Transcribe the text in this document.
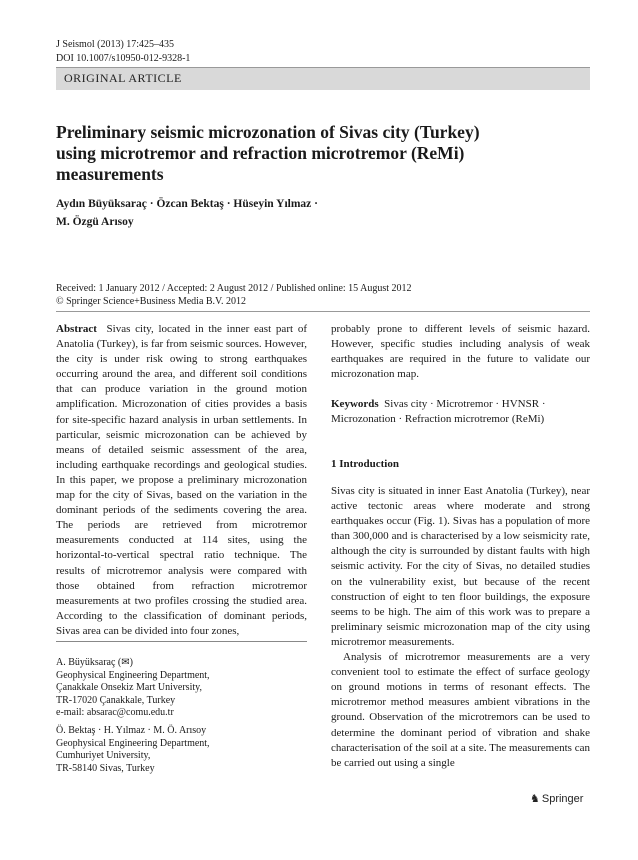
J Seismol (2013) 17:425–435
DOI 10.1007/s10950-012-9328-1
ORIGINAL ARTICLE
Preliminary seismic microzonation of Sivas city (Turkey)
using microtremor and refraction microtremor (ReMi)
measurements
Aydın Büyüksaraç · Özcan Bektaş · Hüseyin Yılmaz ·
M. Özgü Arısoy
Received: 1 January 2012 / Accepted: 2 August 2012 / Published online: 15 August 2012
© Springer Science+Business Media B.V. 2012

Abstract Sivas city, located in the inner east part of Anatolia (Turkey), is far from seismic sources. However, the city is under risk owing to strong earthquakes occurring around the area, and different soil conditions that can produce variation in the ground motion amplification. Microzonation of cities provides a basis for site-specific hazard analysis in urban settlements. In particular, seismic microzonation can be achieved by means of detailed seismic assessment of the area, including earthquake recordings and geological studies. In this paper, we propose a preliminary microzonation map for the city of Sivas, based on the variation in the dominant periods of the sediments covering the area. The periods are retrieved from microtremor measurements conducted at 114 sites, using the horizontal-to-vertical spectral ratio technique. The results of microtremor analysis were compared with those obtained from refraction microtremor measurements at two profiles crossing the studied area. According to the classification of dominant periods, Sivas area can be divided into four zones,

A. Büyüksaraç (✉)

Geophysical Engineering Department,

Çanakkale Onsekiz Mart University,

TR-17020 Çanakkale, Turkey

e-mail: absarac@comu.edu.tr

Ö. Bektaş · H. Yılmaz · M. Ö. Arısoy

Geophysical Engineering Department,

Cumhuriyet University,

TR-58140 Sivas, Turkey

probably prone to different levels of seismic hazard. However, specific studies including analysis of weak earthquakes are required in the future to validate our microzonation map.

Keywords Sivas city · Microtremor · HVNSR · Microzonation · Refraction microtremor (ReMi)

1 Introduction

Sivas city is situated in inner East Anatolia (Turkey), near active tectonic areas where moderate and strong earthquakes occur (Fig. 1). Sivas has a population of more than 300,000 and is characterised by a low seismicity rate, although the city is surrounded by distant faults with high seismic activity. For the city of Sivas, no detailed studies on the vulnerability exist, but because of the recent construction of eight to ten floor buildings, the exposure seems to be high. The aim of this work was to prepare a preliminary seismic microzonation map of the city using microtremor measurements.

Analysis of microtremor measurements are a very convenient tool to estimate the effect of surface geology on ground motions in terms of resonant effects. The microtremor method measures ambient vibrations in the ground. Observation of the microtremors can be used to determine the dominant period of vibration and shake characterisation of the soil at a site. The measurements can be carried out using a single

♞ Springer
